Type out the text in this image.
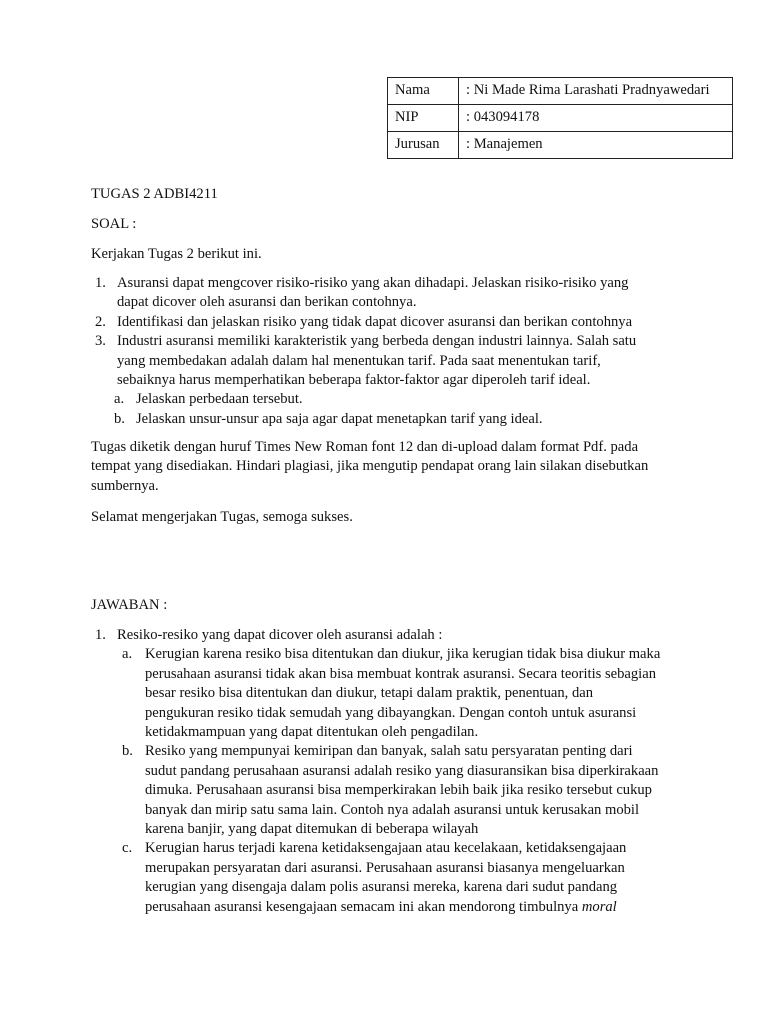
Nama	: Ni Made Rima Larashati Pradnyawedari
NIP	: 043094178
Jurusan	: Manajemen
TUGAS 2 ADBI4211
SOAL :
Kerjakan Tugas 2 berikut ini.
1. Asuransi dapat mengcover risiko-risiko yang akan dihadapi. Jelaskan risiko-risiko yang
dapat dicover oleh asuransi dan berikan contohnya.
2. Identifikasi dan jelaskan risiko yang tidak dapat dicover asuransi dan berikan contohnya
3. Industri asuransi memiliki karakteristik yang berbeda dengan industri lainnya. Salah satu
yang membedakan adalah dalam hal menentukan tarif. Pada saat menentukan tarif,
sebaiknya harus memperhatikan beberapa faktor-faktor agar diperoleh tarif ideal.
a. Jelaskan perbedaan tersebut.
b. Jelaskan unsur-unsur apa saja agar dapat menetapkan tarif yang ideal.
Tugas diketik dengan huruf Times New Roman font 12 dan di-upload dalam format Pdf. pada
tempat yang disediakan. Hindari plagiasi, jika mengutip pendapat orang lain silakan disebutkan
sumbernya.
Selamat mengerjakan Tugas, semoga sukses.
JAWABAN :
1. Resiko-resiko yang dapat dicover oleh asuransi adalah :
a. Kerugian karena resiko bisa ditentukan dan diukur, jika kerugian tidak bisa diukur maka
perusahaan asuransi tidak akan bisa membuat kontrak asuransi. Secara teoritis sebagian
besar resiko bisa ditentukan dan diukur, tetapi dalam praktik, penentuan, dan
pengukuran resiko tidak semudah yang dibayangkan. Dengan contoh untuk asuransi
ketidakmampuan yang dapat ditentukan oleh pengadilan.
b. Resiko yang mempunyai kemiripan dan banyak, salah satu persyaratan penting dari
sudut pandang perusahaan asuransi adalah resiko yang diasuransikan bisa diperkirakaan
dimuka. Perusahaan asuransi bisa memperkirakan lebih baik jika resiko tersebut cukup
banyak dan mirip satu sama lain. Contoh nya adalah asuransi untuk kerusakan mobil
karena banjir, yang dapat ditemukan di beberapa wilayah
c. Kerugian harus terjadi karena ketidaksengajaan atau kecelakaan, ketidaksengajaan
merupakan persyaratan dari asuransi. Perusahaan asuransi biasanya mengeluarkan
kerugian yang disengaja dalam polis asuransi mereka, karena dari sudut pandang
perusahaan asuransi kesengajaan semacam ini akan mendorong timbulnya moral
